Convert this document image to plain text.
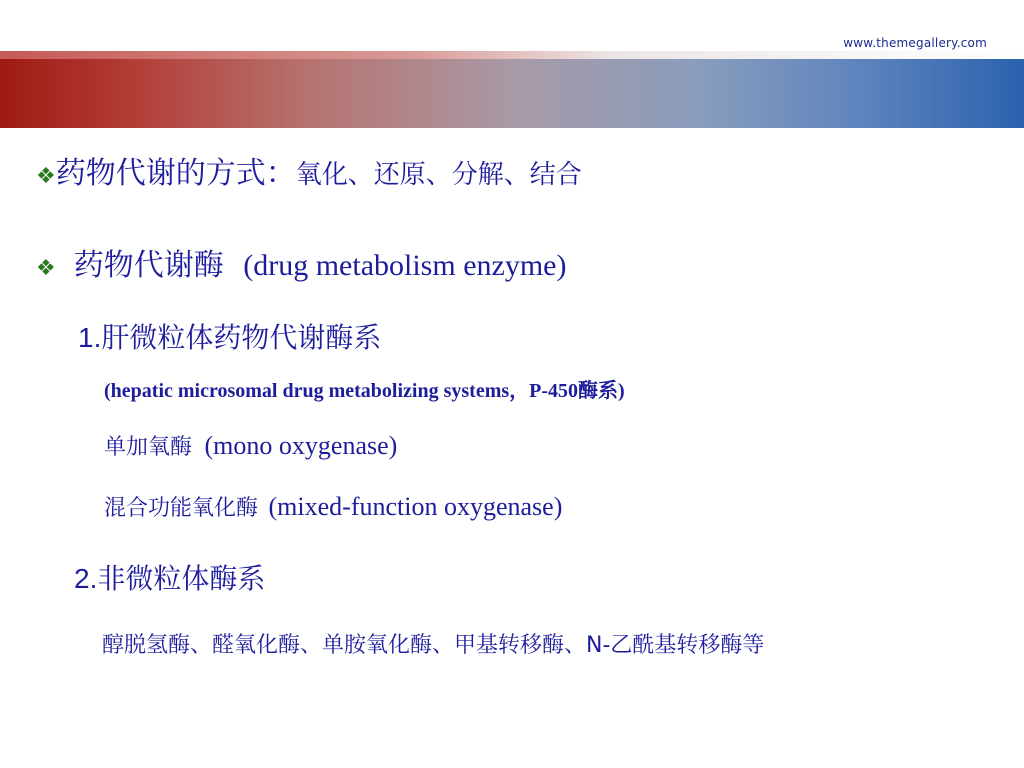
www.themegallery.com
❖药物代谢的方式：氧化、还原、分解、结合
❖ 药物代谢酶 (drug metabolism enzyme)
1.肝微粒体药物代谢酶系
(hepatic microsomal drug metabolizing systems，P-450酶系)
单加氧酶 (mono oxygenase)
混合功能氧化酶 (mixed-function oxygenase)
2.非微粒体酶系
醇脱氢酶、醛氧化酶、单胺氧化酶、甲基转移酶、N-乙酰基转移酶等
